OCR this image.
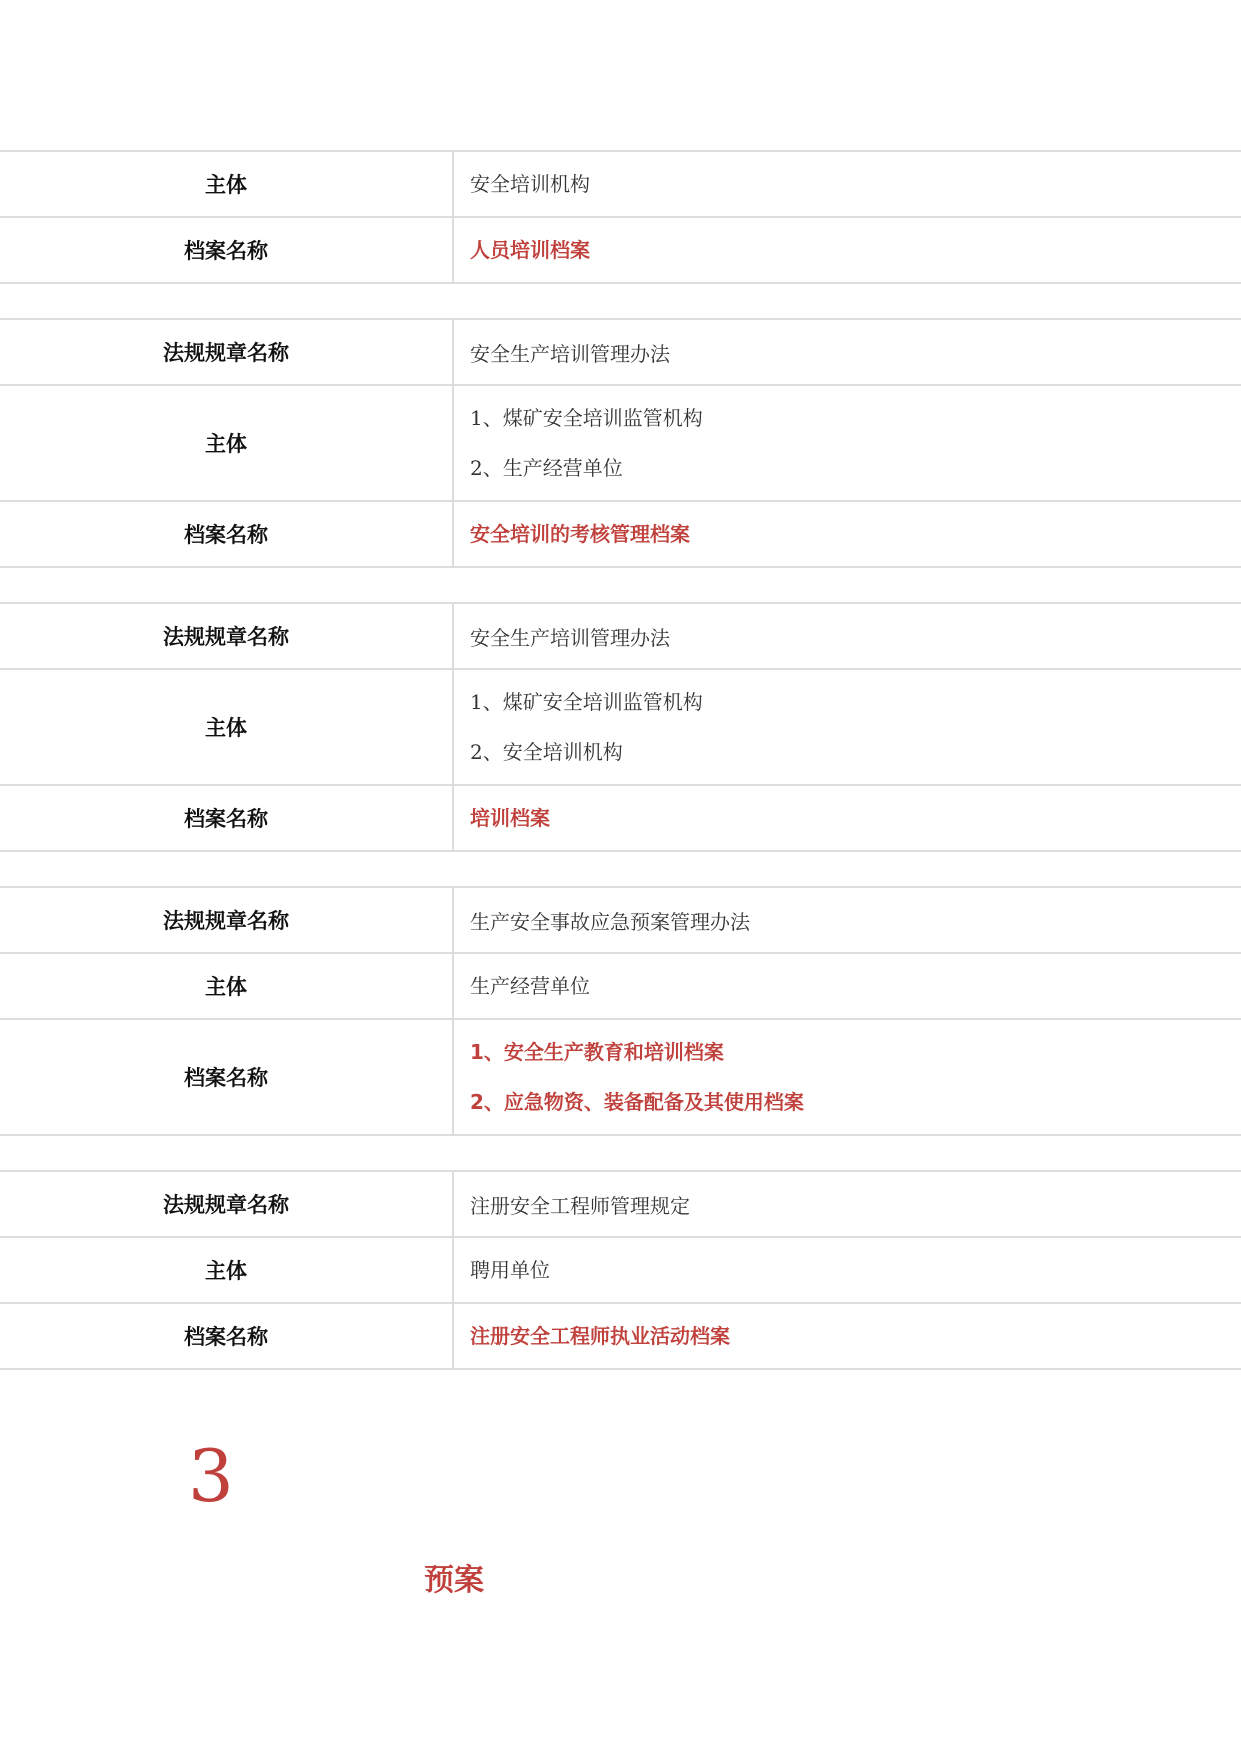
主体	安全培训机构

档案名称	人员培训档案
法规规章名称	安全生产培训管理办法
主体	1、煤矿安全培训监管机构
2、生产经营单位

档案名称	安全培训的考核管理档案
法规规章名称	安全生产培训管理办法
主体	1、煤矿安全培训监管机构
2、安全培训机构

档案名称	培训档案
法规规章名称	生产安全事故应急预案管理办法
主体	生产经营单位

档案名称	1、安全生产教育和培训档案
2、应急物资、装备配备及其使用档案
法规规章名称	注册安全工程师管理规定
主体	聘用单位

档案名称	注册安全工程师执业活动档案
3
预案
